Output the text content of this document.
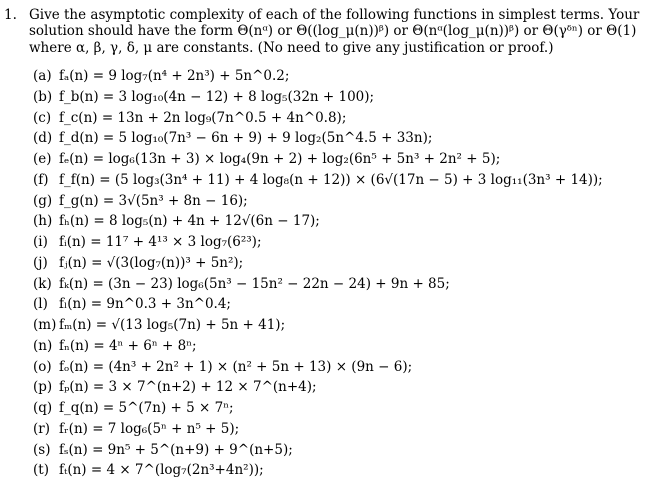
1. Give the asymptotic complexity of each of the following functions in simplest terms. Your
solution should have the form Θ(nᵅ) or Θ((log_μ(n))ᵝ) or Θ(nᵅ(log_μ(n))ᵝ) or Θ(γᵟⁿ) or Θ(1)
where α, β, γ, δ, μ are constants. (No need to give any justification or proof.)
(a) fₐ(n) = 9 log₇(n⁴ + 2n³) + 5n^0.2;
(b) f_b(n) = 3 log₁₀(4n − 12) + 8 log₅(32n + 100);
(c) f_c(n) = 13n + 2n log₉(7n^0.5 + 4n^0.8);
(d) f_d(n) = 5 log₁₀(7n³ − 6n + 9) + 9 log₂(5n^4.5 + 33n);
(e) fₑ(n) = log₆(13n + 3) × log₄(9n + 2) + log₂(6n⁵ + 5n³ + 2n² + 5);
(f) f_f(n) = (5 log₃(3n⁴ + 11) + 4 log₈(n + 12)) × (6√(17n − 5) + 3 log₁₁(3n³ + 14));
(g) f_g(n) = 3√(5n³ + 8n − 16);
(h) fₕ(n) = 8 log₅(n) + 4n + 12√(6n − 17);
(i) fᵢ(n) = 11⁷ + 4¹³ × 3 log₇(6²³);
(j) fⱼ(n) = √(3(log₇(n))³ + 5n²);
(k) fₖ(n) = (3n − 23) log₆(5n³ − 15n² − 22n − 24) + 9n + 85;
(l) fₗ(n) = 9n^0.3 + 3n^0.4;
(m) fₘ(n) = √(13 log₅(7n) + 5n + 41);
(n) fₙ(n) = 4ⁿ + 6ⁿ + 8ⁿ;
(o) fₒ(n) = (4n³ + 2n² + 1) × (n² + 5n + 13) × (9n − 6);
(p) fₚ(n) = 3 × 7^(n+2) + 12 × 7^(n+4);
(q) f_q(n) = 5^(7n) + 5 × 7ⁿ;
(r) fᵣ(n) = 7 log₆(5ⁿ + n⁵ + 5);
(s) fₛ(n) = 9n⁵ + 5^(n+9) + 9^(n+5);
(t) fₜ(n) = 4 × 7^(log₇(2n³+4n²));
